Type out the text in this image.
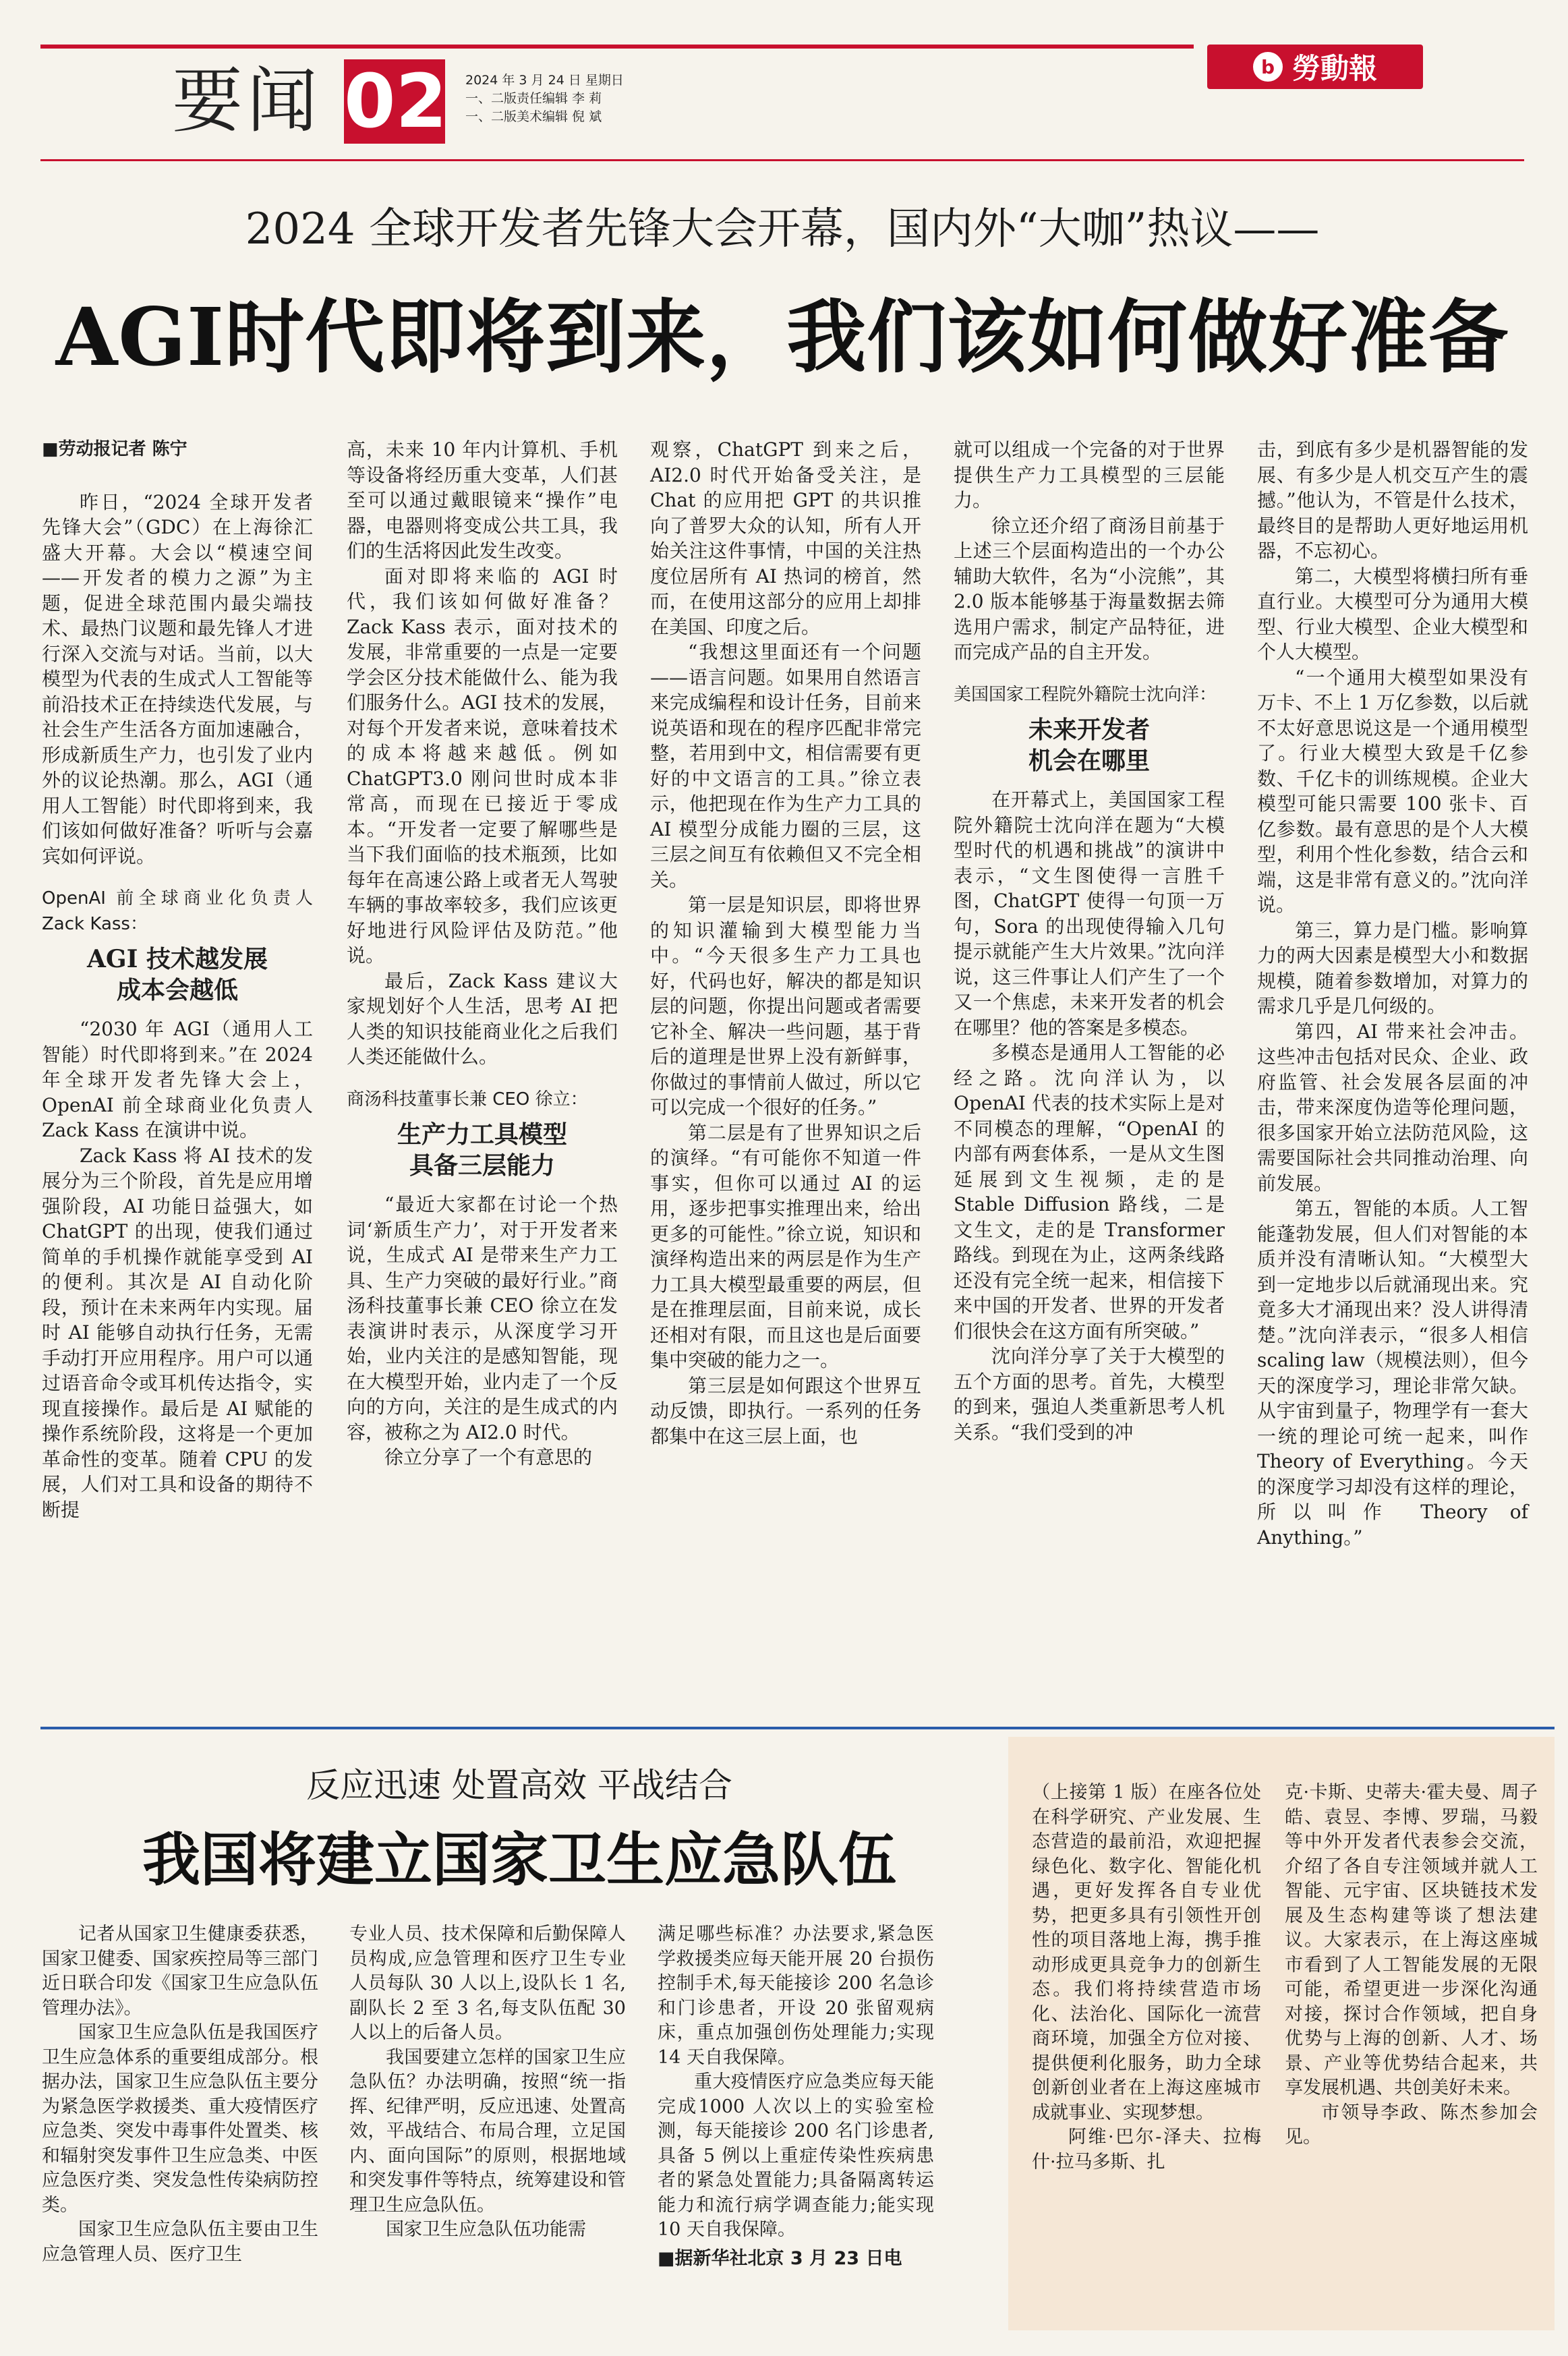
要闻 02 2024 年 3 月 24 日 星期日
一、二版责任编辑 李 莉
一、二版美术编辑 倪 斌
b 勞動報
2024 全球开发者先锋大会开幕，国内外“大咖”热议——
AGI时代即将到来，我们该如何做好准备

■劳动报记者 陈宁

昨日，“2024 全球开发者先锋大会”（GDC）在上海徐汇盛大开幕。大会以“模速空间——开发者的模力之源”为主题，促进全球范围内最尖端技术、最热门议题和最先锋人才进行深入交流与对话。当前，以大模型为代表的生成式人工智能等前沿技术正在持续迭代发展，与社会生产生活各方面加速融合，形成新质生产力，也引发了业内外的议论热潮。那么，AGI（通用人工智能）时代即将到来，我们该如何做好准备？听听与会嘉宾如何评说。

OpenAI 前全球商业化负责人 Zack Kass：

AGI 技术越发展
成本会越低

“2030 年 AGI（通用人工智能）时代即将到来。”在 2024 年全球开发者先锋大会上，OpenAI 前全球商业化负责人 Zack Kass 在演讲中说。

Zack Kass 将 AI 技术的发展分为三个阶段，首先是应用增强阶段，AI 功能日益强大，如 ChatGPT 的出现，使我们通过简单的手机操作就能享受到 AI 的便利。其次是 AI 自动化阶段，预计在未来两年内实现。届时 AI 能够自动执行任务，无需手动打开应用程序。用户可以通过语音命令或耳机传达指令，实现直接操作。最后是 AI 赋能的操作系统阶段，这将是一个更加革命性的变革。随着 CPU 的发展，人们对工具和设备的期待不断提

高，未来 10 年内计算机、手机等设备将经历重大变革，人们甚至可以通过戴眼镜来“操作”电器，电器则将变成公共工具，我们的生活将因此发生改变。

面对即将来临的 AGI 时代，我们该如何做好准备？Zack Kass 表示，面对技术的发展，非常重要的一点是一定要学会区分技术能做什么、能为我们服务什么。AGI 技术的发展，对每个开发者来说，意味着技术的成本将越来越低。例如 ChatGPT3.0 刚问世时成本非常高，而现在已接近于零成本。“开发者一定要了解哪些是当下我们面临的技术瓶颈，比如每年在高速公路上或者无人驾驶车辆的事故率较多，我们应该更好地进行风险评估及防范。”他说。

最后，Zack Kass 建议大家规划好个人生活，思考 AI 把人类的知识技能商业化之后我们人类还能做什么。

商汤科技董事长兼 CEO 徐立：

生产力工具模型
具备三层能力

“最近大家都在讨论一个热词‘新质生产力’，对于开发者来说，生成式 AI 是带来生产力工具、生产力突破的最好行业。”商汤科技董事长兼 CEO 徐立在发表演讲时表示，从深度学习开始，业内关注的是感知智能，现在大模型开始，业内走了一个反向的方向，关注的是生成式的内容，被称之为 AI2.0 时代。

徐立分享了一个有意思的

观察，ChatGPT 到来之后，AI2.0 时代开始备受关注，是 Chat 的应用把 GPT 的共识推向了普罗大众的认知，所有人开始关注这件事情，中国的关注热度位居所有 AI 热词的榜首，然而，在使用这部分的应用上却排在美国、印度之后。

“我想这里面还有一个问题——语言问题。如果用自然语言来完成编程和设计任务，目前来说英语和现在的程序匹配非常完整，若用到中文，相信需要有更好的中文语言的工具。”徐立表示，他把现在作为生产力工具的 AI 模型分成能力圈的三层，这三层之间互有依赖但又不完全相关。

第一层是知识层，即将世界的知识灌输到大模型能力当中。“今天很多生产力工具也好，代码也好，解决的都是知识层的问题，你提出问题或者需要它补全、解决一些问题，基于背后的道理是世界上没有新鲜事，你做过的事情前人做过，所以它可以完成一个很好的任务。”

第二层是有了世界知识之后的演绎。“有可能你不知道一件事实，但你可以通过 AI 的运用，逐步把事实推理出来，给出更多的可能性。”徐立说，知识和演绎构造出来的两层是作为生产力工具大模型最重要的两层，但是在推理层面，目前来说，成长还相对有限，而且这也是后面要集中突破的能力之一。

第三层是如何跟这个世界互动反馈，即执行。一系列的任务都集中在这三层上面，也

就可以组成一个完备的对于世界提供生产力工具模型的三层能力。

徐立还介绍了商汤目前基于上述三个层面构造出的一个办公辅助大软件，名为“小浣熊”，其 2.0 版本能够基于海量数据去筛选用户需求，制定产品特征，进而完成产品的自主开发。

美国国家工程院外籍院士沈向洋：

未来开发者
机会在哪里

在开幕式上，美国国家工程院外籍院士沈向洋在题为“大模型时代的机遇和挑战”的演讲中表示，“文生图使得一言胜千图，ChatGPT 使得一句顶一万句，Sora 的出现使得输入几句提示就能产生大片效果。”沈向洋说，这三件事让人们产生了一个又一个焦虑，未来开发者的机会在哪里？他的答案是多模态。

多模态是通用人工智能的必经之路。沈向洋认为，以 OpenAI 代表的技术实际上是对不同模态的理解，“OpenAI 的内部有两套体系，一是从文生图延展到文生视频，走的是 Stable Diffusion 路线，二是文生文，走的是 Transformer 路线。到现在为止，这两条线路还没有完全统一起来，相信接下来中国的开发者、世界的开发者们很快会在这方面有所突破。”

沈向洋分享了关于大模型的五个方面的思考。首先，大模型的到来，强迫人类重新思考人机关系。“我们受到的冲

击，到底有多少是机器智能的发展、有多少是人机交互产生的震撼。”他认为，不管是什么技术，最终目的是帮助人更好地运用机器，不忘初心。

第二，大模型将横扫所有垂直行业。大模型可分为通用大模型、行业大模型、企业大模型和个人大模型。

“一个通用大模型如果没有万卡、不上 1 万亿参数，以后就不太好意思说这是一个通用模型了。行业大模型大致是千亿参数、千亿卡的训练规模。企业大模型可能只需要 100 张卡、百亿参数。最有意思的是个人大模型，利用个性化参数，结合云和端，这是非常有意义的。”沈向洋说。

第三，算力是门槛。影响算力的两大因素是模型大小和数据规模，随着参数增加，对算力的需求几乎是几何级的。

第四，AI 带来社会冲击。这些冲击包括对民众、企业、政府监管、社会发展各层面的冲击，带来深度伪造等伦理问题，很多国家开始立法防范风险，这需要国际社会共同推动治理、向前发展。

第五，智能的本质。人工智能蓬勃发展，但人们对智能的本质并没有清晰认知。“大模型大到一定地步以后就涌现出来。究竟多大才涌现出来？没人讲得清楚。”沈向洋表示，“很多人相信 scaling law（规模法则），但今天的深度学习，理论非常欠缺。从宇宙到量子，物理学有一套大一统的理论可统一起来，叫作 Theory of Everything。今天的深度学习却没有这样的理论，所以叫作 Theory of Anything。”

反应迅速 处置高效 平战结合
我国将建立国家卫生应急队伍

记者从国家卫生健康委获悉，国家卫健委、国家疾控局等三部门近日联合印发《国家卫生应急队伍管理办法》。

国家卫生应急队伍是我国医疗卫生应急体系的重要组成部分。根据办法，国家卫生应急队伍主要分为紧急医学救援类、重大疫情医疗应急类、突发中毒事件处置类、核和辐射突发事件卫生应急类、中医应急医疗类、突发急性传染病防控类。

国家卫生应急队伍主要由卫生应急管理人员、医疗卫生

专业人员、技术保障和后勤保障人员构成,应急管理和医疗卫生专业人员每队 30 人以上,设队长 1 名,副队长 2 至 3 名,每支队伍配 30 人以上的后备人员。

我国要建立怎样的国家卫生应急队伍？办法明确，按照“统一指挥、纪律严明，反应迅速、处置高效，平战结合、布局合理，立足国内、面向国际”的原则，根据地域和突发事件等特点，统筹建设和管理卫生应急队伍。

国家卫生应急队伍功能需

满足哪些标准？办法要求,紧急医学救援类应每天能开展 20 台损伤控制手术,每天能接诊 200 名急诊和门诊患者，开设 20 张留观病床，重点加强创伤处理能力;实现 14 天自我保障。

重大疫情医疗应急类应每天能完成1000 人次以上的实验室检测，每天能接诊 200 名门诊患者,具备 5 例以上重症传染性疾病患者的紧急处置能力;具备隔离转运能力和流行病学调查能力;能实现 10 天自我保障。

■据新华社北京 3 月 23 日电

（上接第 1 版）在座各位处在科学研究、产业发展、生态营造的最前沿，欢迎把握绿色化、数字化、智能化机遇，更好发挥各自专业优势，把更多具有引领性开创性的项目落地上海，携手推动形成更具竞争力的创新生态。我们将持续营造市场化、法治化、国际化一流营商环境，加强全方位对接、提供便利化服务，助力全球创新创业者在上海这座城市成就事业、实现梦想。

阿维·巴尔-泽夫、拉梅什·拉马多斯、扎

克·卡斯、史蒂夫·霍夫曼、周子皓、袁昱、李博、罗瑞，马毅等中外开发者代表参会交流，介绍了各自专注领域并就人工智能、元宇宙、区块链技术发展及生态构建等谈了想法建议。大家表示，在上海这座城市看到了人工智能发展的无限可能，希望更进一步深化沟通对接，探讨合作领域，把自身优势与上海的创新、人才、场景、产业等优势结合起来，共享发展机遇、共创美好未来。

市领导李政、陈杰参加会见。
